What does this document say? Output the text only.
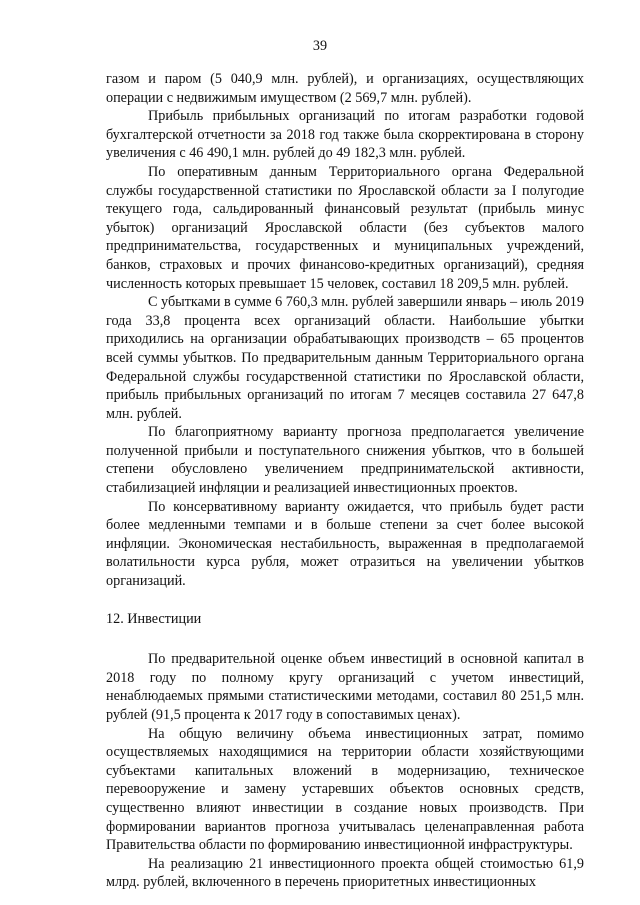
39

газом и паром (5 040,9 млн. рублей), и организациях, осуществляющих операции с недвижимым имуществом (2 569,7 млн. рублей).

Прибыль прибыльных организаций по итогам разработки годовой бухгалтерской отчетности за 2018 год также была скорректирована в сторону увеличения с 46 490,1 млн. рублей до 49 182,3 млн. рублей.

По оперативным данным Территориального органа Федеральной службы государственной статистики по Ярославской области за I полугодие текущего года, сальдированный финансовый результат (прибыль минус убыток) организаций Ярославской области (без субъектов малого предпринимательства, государственных и муниципальных учреждений, банков, страховых и прочих финансово-кредитных организаций), средняя численность которых превышает 15 человек, составил 18 209,5 млн. рублей.

С убытками в сумме 6 760,3 млн. рублей завершили январь – июль 2019 года 33,8 процента всех организаций области. Наибольшие убытки приходились на организации обрабатывающих производств – 65 процентов всей суммы убытков. По предварительным данным Территориального органа Федеральной службы государственной статистики по Ярославской области, прибыль прибыльных организаций по итогам 7 месяцев составила 27 647,8 млн. рублей.

По благоприятному варианту прогноза предполагается увеличение полученной прибыли и поступательного снижения убытков, что в большей степени обусловлено увеличением предпринимательской активности, стабилизацией инфляции и реализацией инвестиционных проектов.

По консервативному варианту ожидается, что прибыль будет расти более медленными темпами и в больше степени за счет более высокой инфляции. Экономическая нестабильность, выраженная в предполагаемой волатильности курса рубля, может отразиться на увеличении убытков организаций.

12. Инвестиции

По предварительной оценке объем инвестиций в основной капитал в 2018 году по полному кругу организаций с учетом инвестиций, ненаблюдаемых прямыми статистическими методами, составил 80 251,5 млн. рублей (91,5 процента к 2017 году в сопоставимых ценах).

На общую величину объема инвестиционных затрат, помимо осуществляемых находящимися на территории области хозяйствующими субъектами капитальных вложений в модернизацию, техническое перевооружение и замену устаревших объектов основных средств, существенно влияют инвестиции в создание новых производств. При формировании вариантов прогноза учитывалась целенаправленная работа Правительства области по формированию инвестиционной инфраструктуры.

На реализацию 21 инвестиционного проекта общей стоимостью 61,9 млрд. рублей, включенного в перечень приоритетных инвестиционных
